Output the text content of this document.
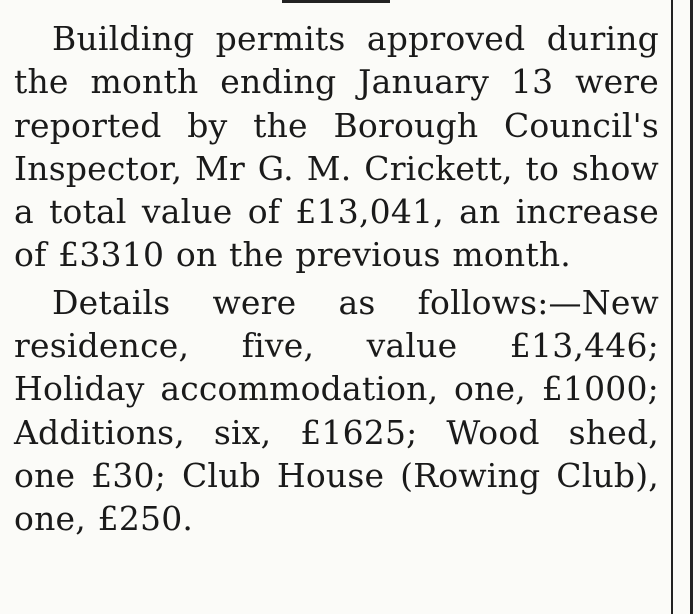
Building permits approved during the month ending January 13 were reported by the Borough Council's Inspector, Mr G. M. Crickett, to show a total value of £13,041, an increase of £3310 on the previous month.

Details were as follows:—New residence, five, value £13,446; Holiday accommodation, one, £1000; Additions, six, £1625; Wood shed, one £30; Club House (Rowing Club), one, £250.
